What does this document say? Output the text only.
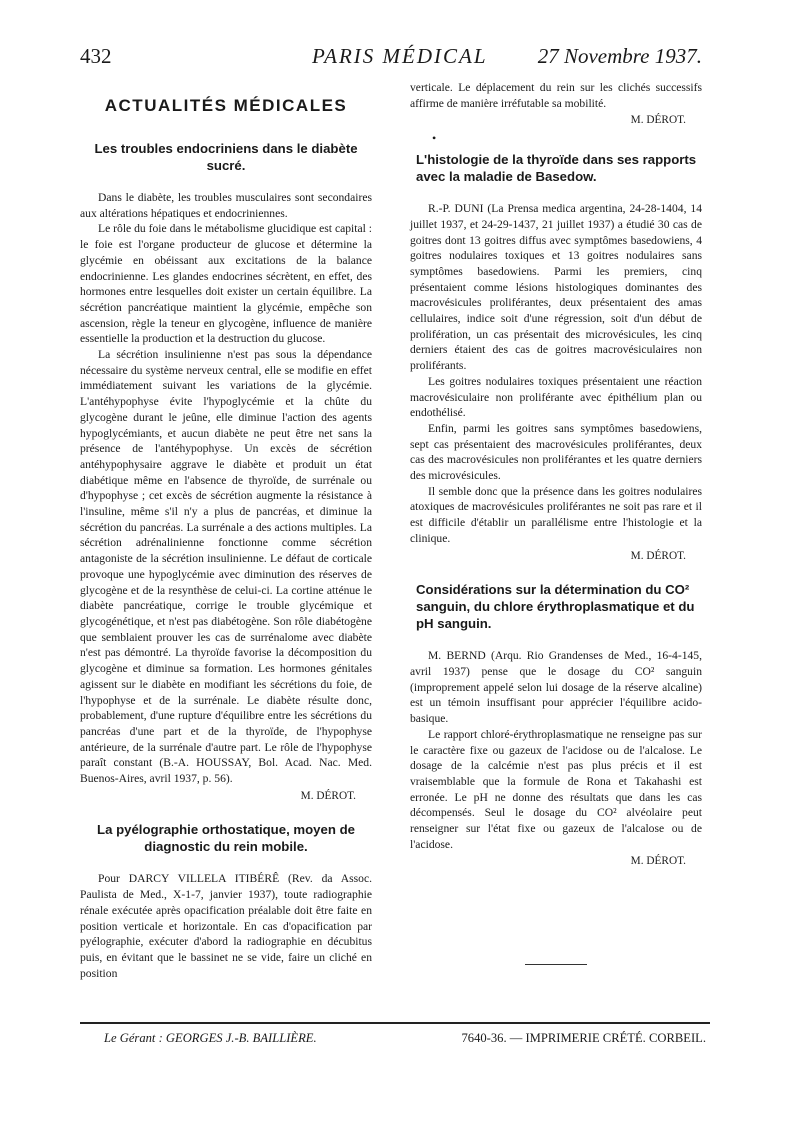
432	PARIS MÉDICAL 27 Novembre 1937.
ACTUALITÉS MÉDICALES
Les troubles endocriniens dans le diabète sucré.

Dans le diabète, les troubles musculaires sont secondaires aux altérations hépatiques et endocriniennes.

Le rôle du foie dans le métabolisme glucidique est capital : le foie est l'organe producteur de glucose et détermine la glycémie en obéissant aux excitations de la balance endocrinienne. Les glandes endocrines sécrètent, en effet, des hormones entre lesquelles doit exister un certain équilibre. La sécrétion pancréatique maintient la glycémie, empêche son ascension, règle la teneur en glycogène, influence de manière essentielle la production et la destruction du glucose.

La sécrétion insulinienne n'est pas sous la dépendance nécessaire du système nerveux central, elle se modifie en effet immédiatement suivant les variations de la glycémie. L'antéhypophyse évite l'hypoglycémie et la chûte du glycogène durant le jeûne, elle diminue l'action des agents hypoglycémiants, et aucun diabète ne peut être net sans la présence de l'antéhypophyse. Un excès de sécrétion antéhypophysaire aggrave le diabète et produit un état diabétique même en l'absence de thyroïde, de surrénale ou d'hypophyse ; cet excès de sécrétion augmente la résistance à l'insuline, même s'il n'y a plus de pancréas, et diminue la sécrétion du pancréas. La surrénale a des actions multiples. La sécrétion adrénalinienne fonctionne comme sécrétion antagoniste de la sécrétion insulinienne. Le défaut de corticale provoque une hypoglycémie avec diminution des réserves de glycogène et de la resynthèse de celui-ci. La cortine atténue le diabète pancréatique, corrige le trouble glycémique et glycogénétique, et n'est pas diabétogène. Son rôle diabétogène que semblaient prouver les cas de surrénalome avec diabète n'est pas démontré. La thyroïde favorise la décomposition du glycogène et diminue sa formation. Les hormones génitales agissent sur le diabète en modifiant les sécrétions du foie, de l'hypophyse et de la surrénale. Le diabète résulte donc, probablement, d'une rupture d'équilibre entre les sécrétions du pancréas d'une part et de la thyroïde, de l'hypophyse antérieure, de la surrénale d'autre part. Le rôle de l'hypophyse paraît constant (B.-A. HOUSSAY, Bol. Acad. Nac. Med. Buenos-Aires, avril 1937, p. 56).

M. DÉROT.
La pyélographie orthostatique, moyen de diagnostic du rein mobile.

Pour DARCY VILLELA ITIBÉRÊ (Rev. da Assoc. Paulista de Med., X-1-7, janvier 1937), toute radiographie rénale exécutée après opacification préalable doit être faite en position verticale et horizontale. En cas d'opacification par pyélographie, exécuter d'abord la radiographie en décubitus puis, en évitant que le bassinet ne se vide, faire un cliché en position

verticale. Le déplacement du rein sur les clichés successifs affirme de manière irréfutable sa mobilité.

M. DÉROT.
•
L'histologie de la thyroïde dans ses rapports avec la maladie de Basedow.

R.-P. DUNI (La Prensa medica argentina, 24-28-1404, 14 juillet 1937, et 24-29-1437, 21 juillet 1937) a étudié 30 cas de goitres dont 13 goitres diffus avec symptômes basedowiens, 4 goitres nodulaires toxiques et 13 goitres nodulaires sans symptômes basedowiens. Parmi les premiers, cinq présentaient comme lésions histologiques dominantes des macrovésicules proliférantes, deux présentaient des amas cellulaires, indice soit d'une régression, soit d'un début de prolifération, un cas présentait des microvésicules, les cinq derniers étaient des cas de goitres macrovésiculaires non proliférants.

Les goitres nodulaires toxiques présentaient une réaction macrovésiculaire non proliférante avec épithélium plan ou endothélisé.

Enfin, parmi les goitres sans symptômes basedowiens, sept cas présentaient des macrovésicules proliférantes, deux cas des macrovésicules non proliférantes et les quatre derniers des microvésicules.

Il semble donc que la présence dans les goitres nodulaires atoxiques de macrovésicules proliférantes ne soit pas rare et il est difficile d'établir un parallélisme entre l'histologie et la clinique.

M. DÉROT.
Considérations sur la détermination du CO² sanguin, du chlore érythroplasmatique et du pH sanguin.

M. BERND (Arqu. Rio Grandenses de Med., 16-4-145, avril 1937) pense que le dosage du CO² sanguin (improprement appelé selon lui dosage de la réserve alcaline) est un témoin insuffisant pour apprécier l'équilibre acido-basique.

Le rapport chloré-érythroplasmatique ne renseigne pas sur le caractère fixe ou gazeux de l'acidose ou de l'alcalose. Le dosage de la calcémie n'est pas plus précis et il est vraisemblable que la formule de Rona et Takahashi est erronée. Le pH ne donne des résultats que dans les cas décompensés. Seul le dosage du CO² alvéolaire peut renseigner sur l'état fixe ou gazeux de l'alcalose ou de l'acidose.

M. DÉROT.
Le Gérant : GEORGES J.-B. BAILLIÈRE.	7640-36. — IMPRIMERIE CRÉTÉ. CORBEIL.
